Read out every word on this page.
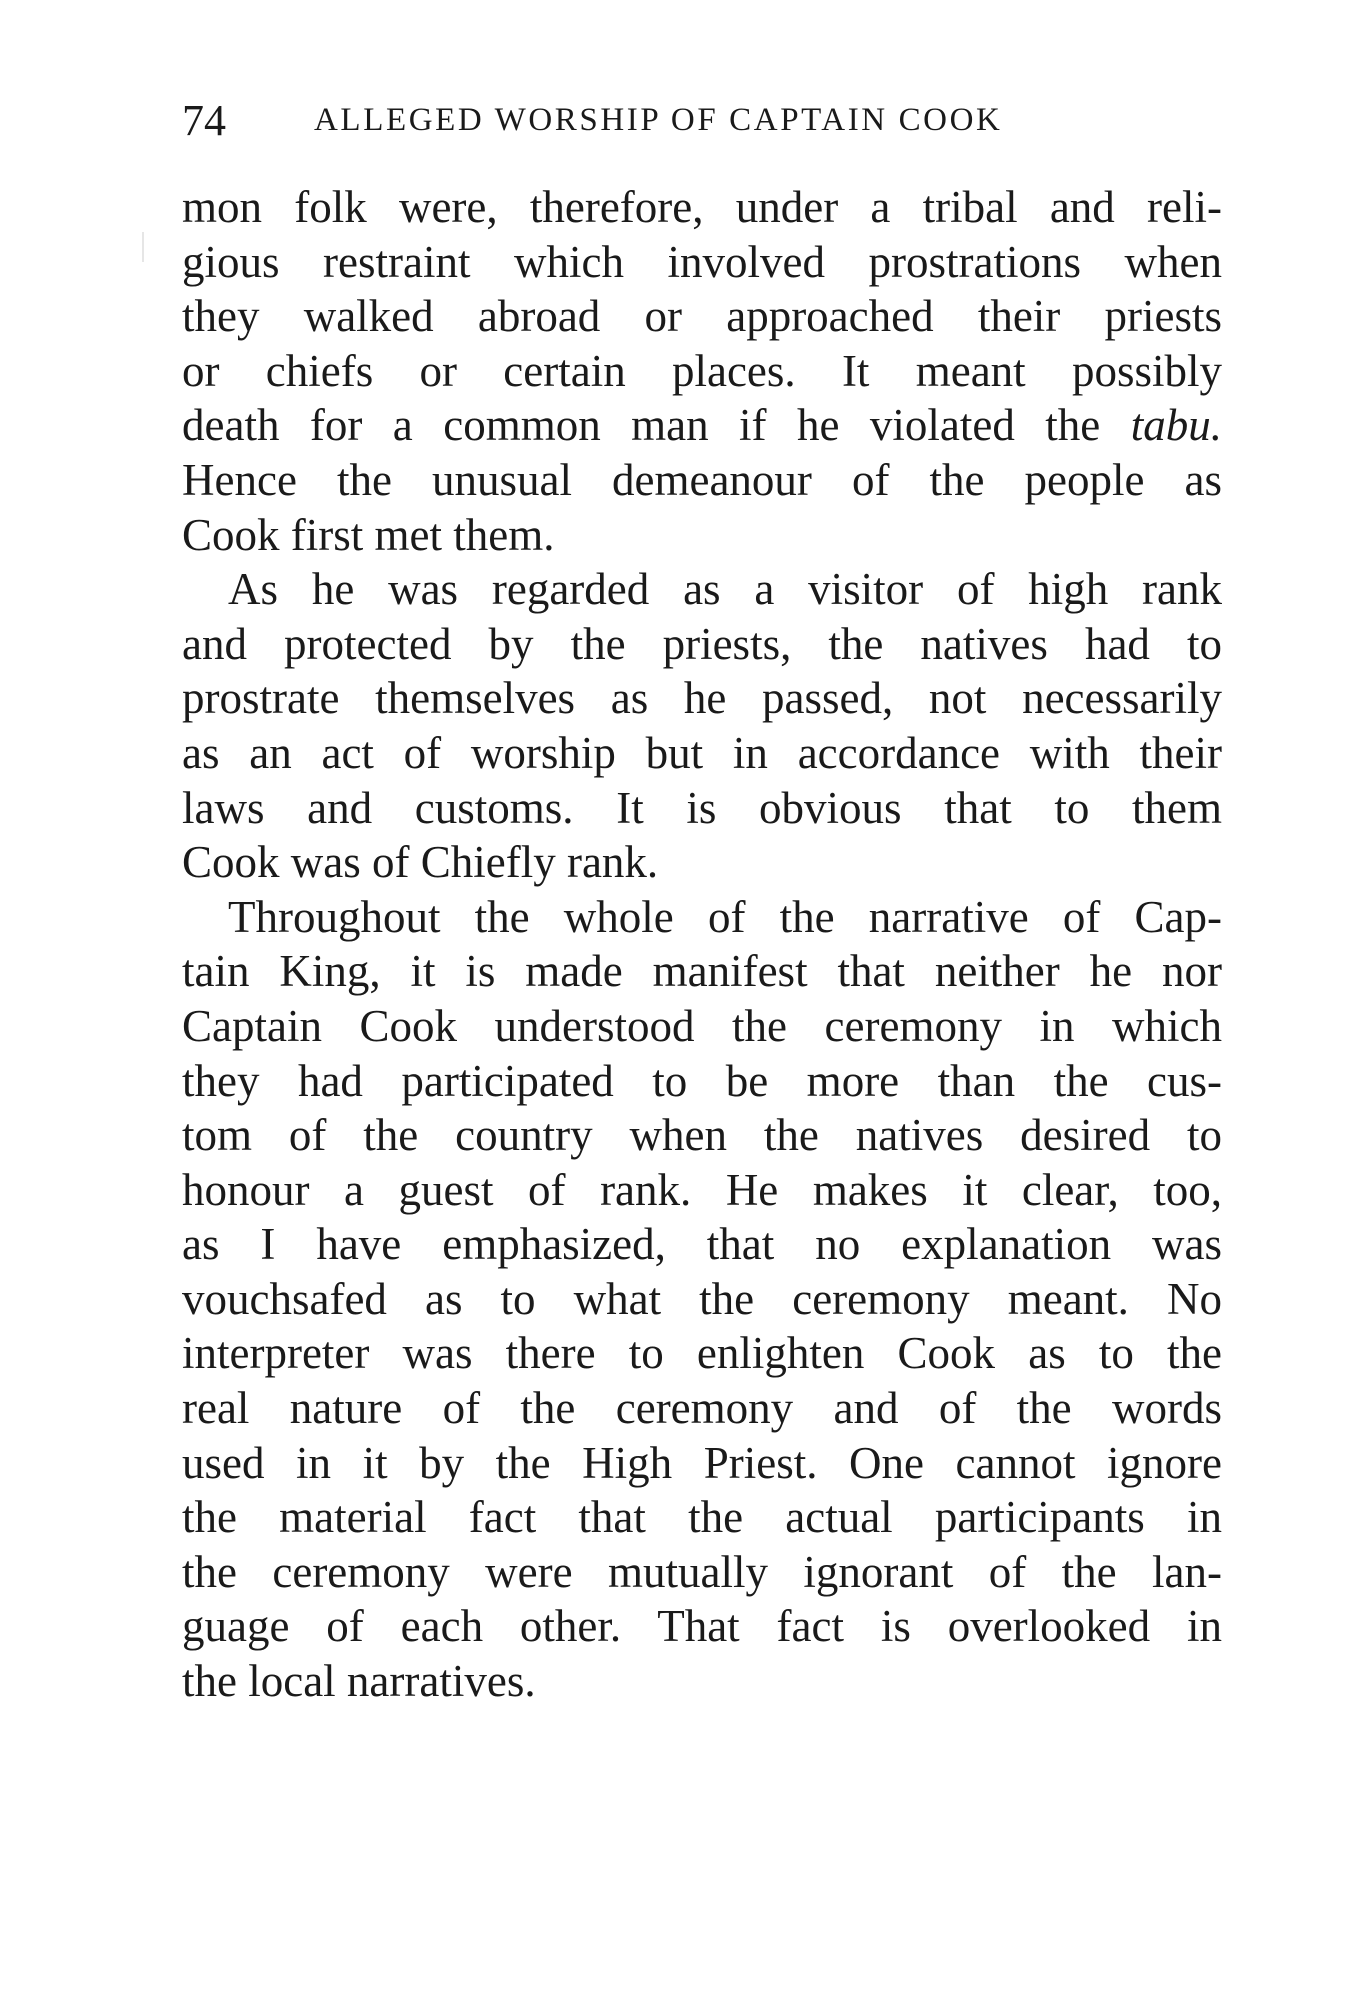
74	ALLEGED WORSHIP OF CAPTAIN COOK
mon folk were, therefore, under a tribal and reli-
gious restraint which involved prostrations when
they walked abroad or approached their priests
or chiefs or certain places. It meant possibly
death for a common man if he violated the tabu.
Hence the unusual demeanour of the people as
Cook first met them.
As he was regarded as a visitor of high rank
and protected by the priests, the natives had to
prostrate themselves as he passed, not necessarily
as an act of worship but in accordance with their
laws and customs. It is obvious that to them
Cook was of Chiefly rank.
Throughout the whole of the narrative of Cap-
tain King, it is made manifest that neither he nor
Captain Cook understood the ceremony in which
they had participated to be more than the cus-
tom of the country when the natives desired to
honour a guest of rank. He makes it clear, too,
as I have emphasized, that no explanation was
vouchsafed as to what the ceremony meant. No
interpreter was there to enlighten Cook as to the
real nature of the ceremony and of the words
used in it by the High Priest. One cannot ignore
the material fact that the actual participants in
the ceremony were mutually ignorant of the lan-
guage of each other. That fact is overlooked in
the local narratives.
